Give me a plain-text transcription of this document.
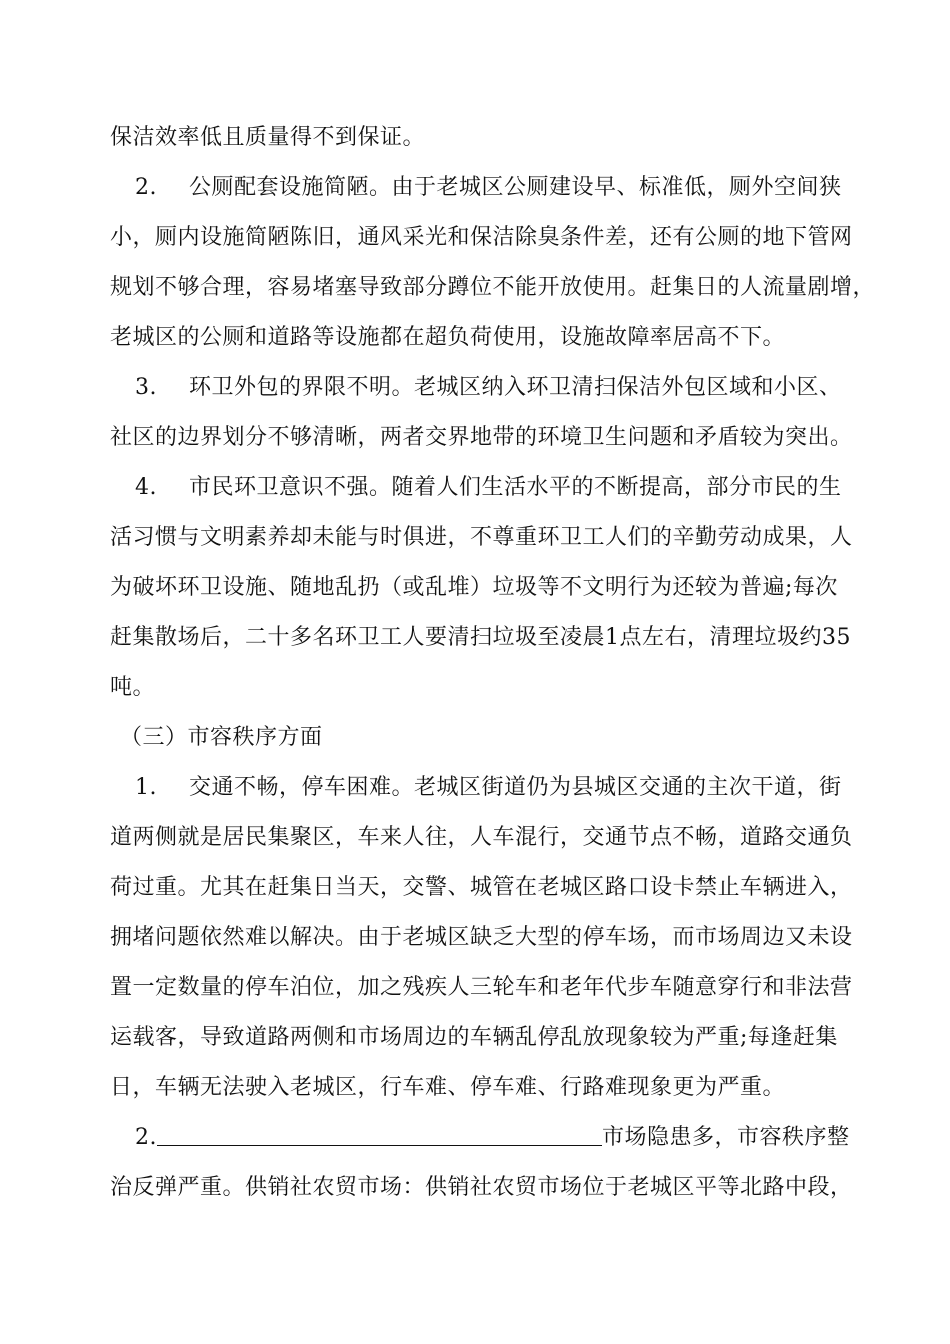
保洁效率低且质量得不到保证。
2. 公厕配套设施简陋。由于老城区公厕建设早、标准低，厕外空间狭
小，厕内设施简陋陈旧，通风采光和保洁除臭条件差，还有公厕的地下管网
规划不够合理，容易堵塞导致部分蹲位不能开放使用。赶集日的人流量剧增，
老城区的公厕和道路等设施都在超负荷使用，设施故障率居高不下。
3. 环卫外包的界限不明。老城区纳入环卫清扫保洁外包区域和小区、
社区的边界划分不够清晰，两者交界地带的环境卫生问题和矛盾较为突出。
4. 市民环卫意识不强。随着人们生活水平的不断提高，部分市民的生
活习惯与文明素养却未能与时俱进，不尊重环卫工人们的辛勤劳动成果，人
为破坏环卫设施、随地乱扔（或乱堆）垃圾等不文明行为还较为普遍;每次
赶集散场后，二十多名环卫工人要清扫垃圾至凌晨1点左右，清理垃圾约35
吨。
（三）市容秩序方面
1. 交通不畅，停车困难。老城区街道仍为县城区交通的主次干道，街
道两侧就是居民集聚区，车来人往，人车混行，交通节点不畅，道路交通负
荷过重。尤其在赶集日当天，交警、城管在老城区路口设卡禁止车辆进入，
拥堵问题依然难以解决。由于老城区缺乏大型的停车场，而市场周边又未设
置一定数量的停车泊位，加之残疾人三轮车和老年代步车随意穿行和非法营
运载客，导致道路两侧和市场周边的车辆乱停乱放现象较为严重;每逢赶集
日，车辆无法驶入老城区，行车难、停车难、行路难现象更为严重。
2.	市场隐患多，市容秩序整
治反弹严重。供销社农贸市场：供销社农贸市场位于老城区平等北路中段，
